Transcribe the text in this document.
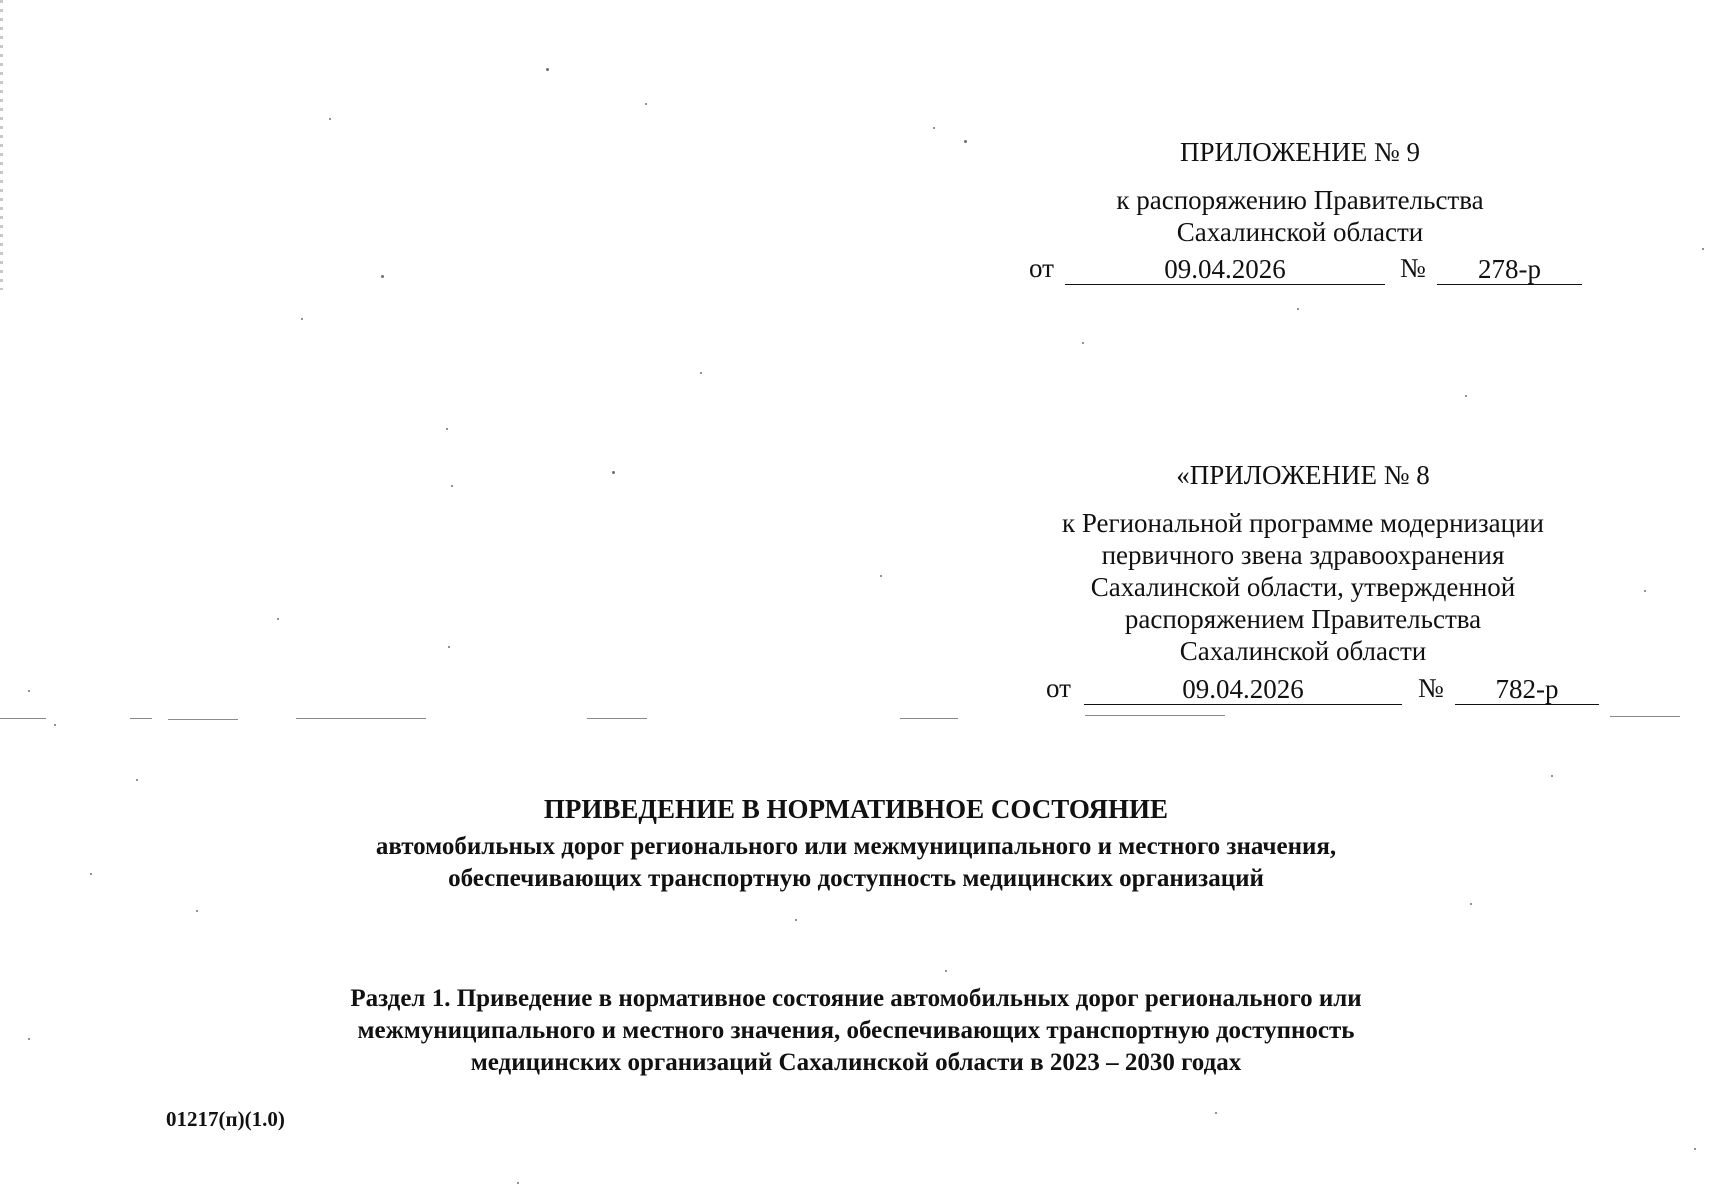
ПРИЛОЖЕНИЕ № 9
к распоряжению Правительства
Сахалинской области
от	09.04.2026	№	278-р
«ПРИЛОЖЕНИЕ № 8
к Региональной программе модернизации
первичного звена здравоохранения
Сахалинской области, утвержденной
распоряжением Правительства
Сахалинской области
от	09.04.2026	№	782-р
ПРИВЕДЕНИЕ В НОРМАТИВНОЕ СОСТОЯНИЕ
автомобильных дорог регионального или межмуниципального и местного значения,
обеспечивающих транспортную доступность медицинских организаций
Раздел 1. Приведение в нормативное состояние автомобильных дорог регионального или
межмуниципального и местного значения, обеспечивающих транспортную доступность
медицинских организаций Сахалинской области в 2023 – 2030 годах
01217(п)(1.0)
